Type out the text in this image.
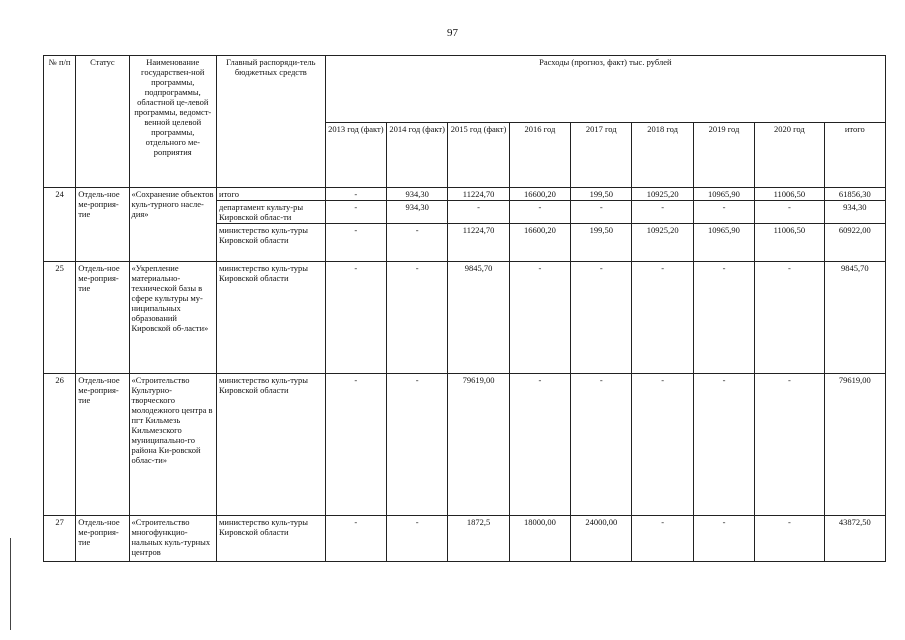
97
№ п/п	Статус	Наименование государствен-ной программы, подпрограммы, областной це-левой программы, ведомст-венной целевой программы, отдельного ме-роприятия	Главный распоряди-тель бюджетных средств	Расходы (прогноз, факт) тыс. рублей								
				2013 год (факт)	2014 год (факт)	2015 год (факт)	2016 год	2017 год	2018 год	2019 год	2020 год	итого
24	Отдель-ное ме-роприя-тие	«Сохранение объектов куль-турного насле-дия»	итого	-	934,30	11224,70	16600,20	199,50	10925,20	10965,90	11006,50	61856,30
			департамент культу-ры Кировской облас-ти	-	934,30	-	-	-	-	-	-	934,30
			министерство куль-туры Кировской области	-	-	11224,70	16600,20	199,50	10925,20	10965,90	11006,50	60922,00
25	Отдель-ное ме-роприя-тие	«Укрепление материально-технической базы в сфере культуры му-ниципальных образований Кировской об-ласти»	министерство куль-туры Кировской области	-	-	9845,70	-	-	-	-	-	9845,70
26	Отдель-ное ме-роприя-тие	«Строительство Культурно-творческого молодежного центра в пгт Кильмезь Кильмезского муниципально-го района Ки-ровской облас-ти»	министерство куль-туры Кировской области	-	-	79619,00	-	-	-	-	-	79619,00
27	Отдель-ное ме-роприя-тие	«Строительство многофункцио-нальных куль-турных центров	министерство куль-туры Кировской области	-	-	1872,5	18000,00	24000,00	-	-	-	43872,50
